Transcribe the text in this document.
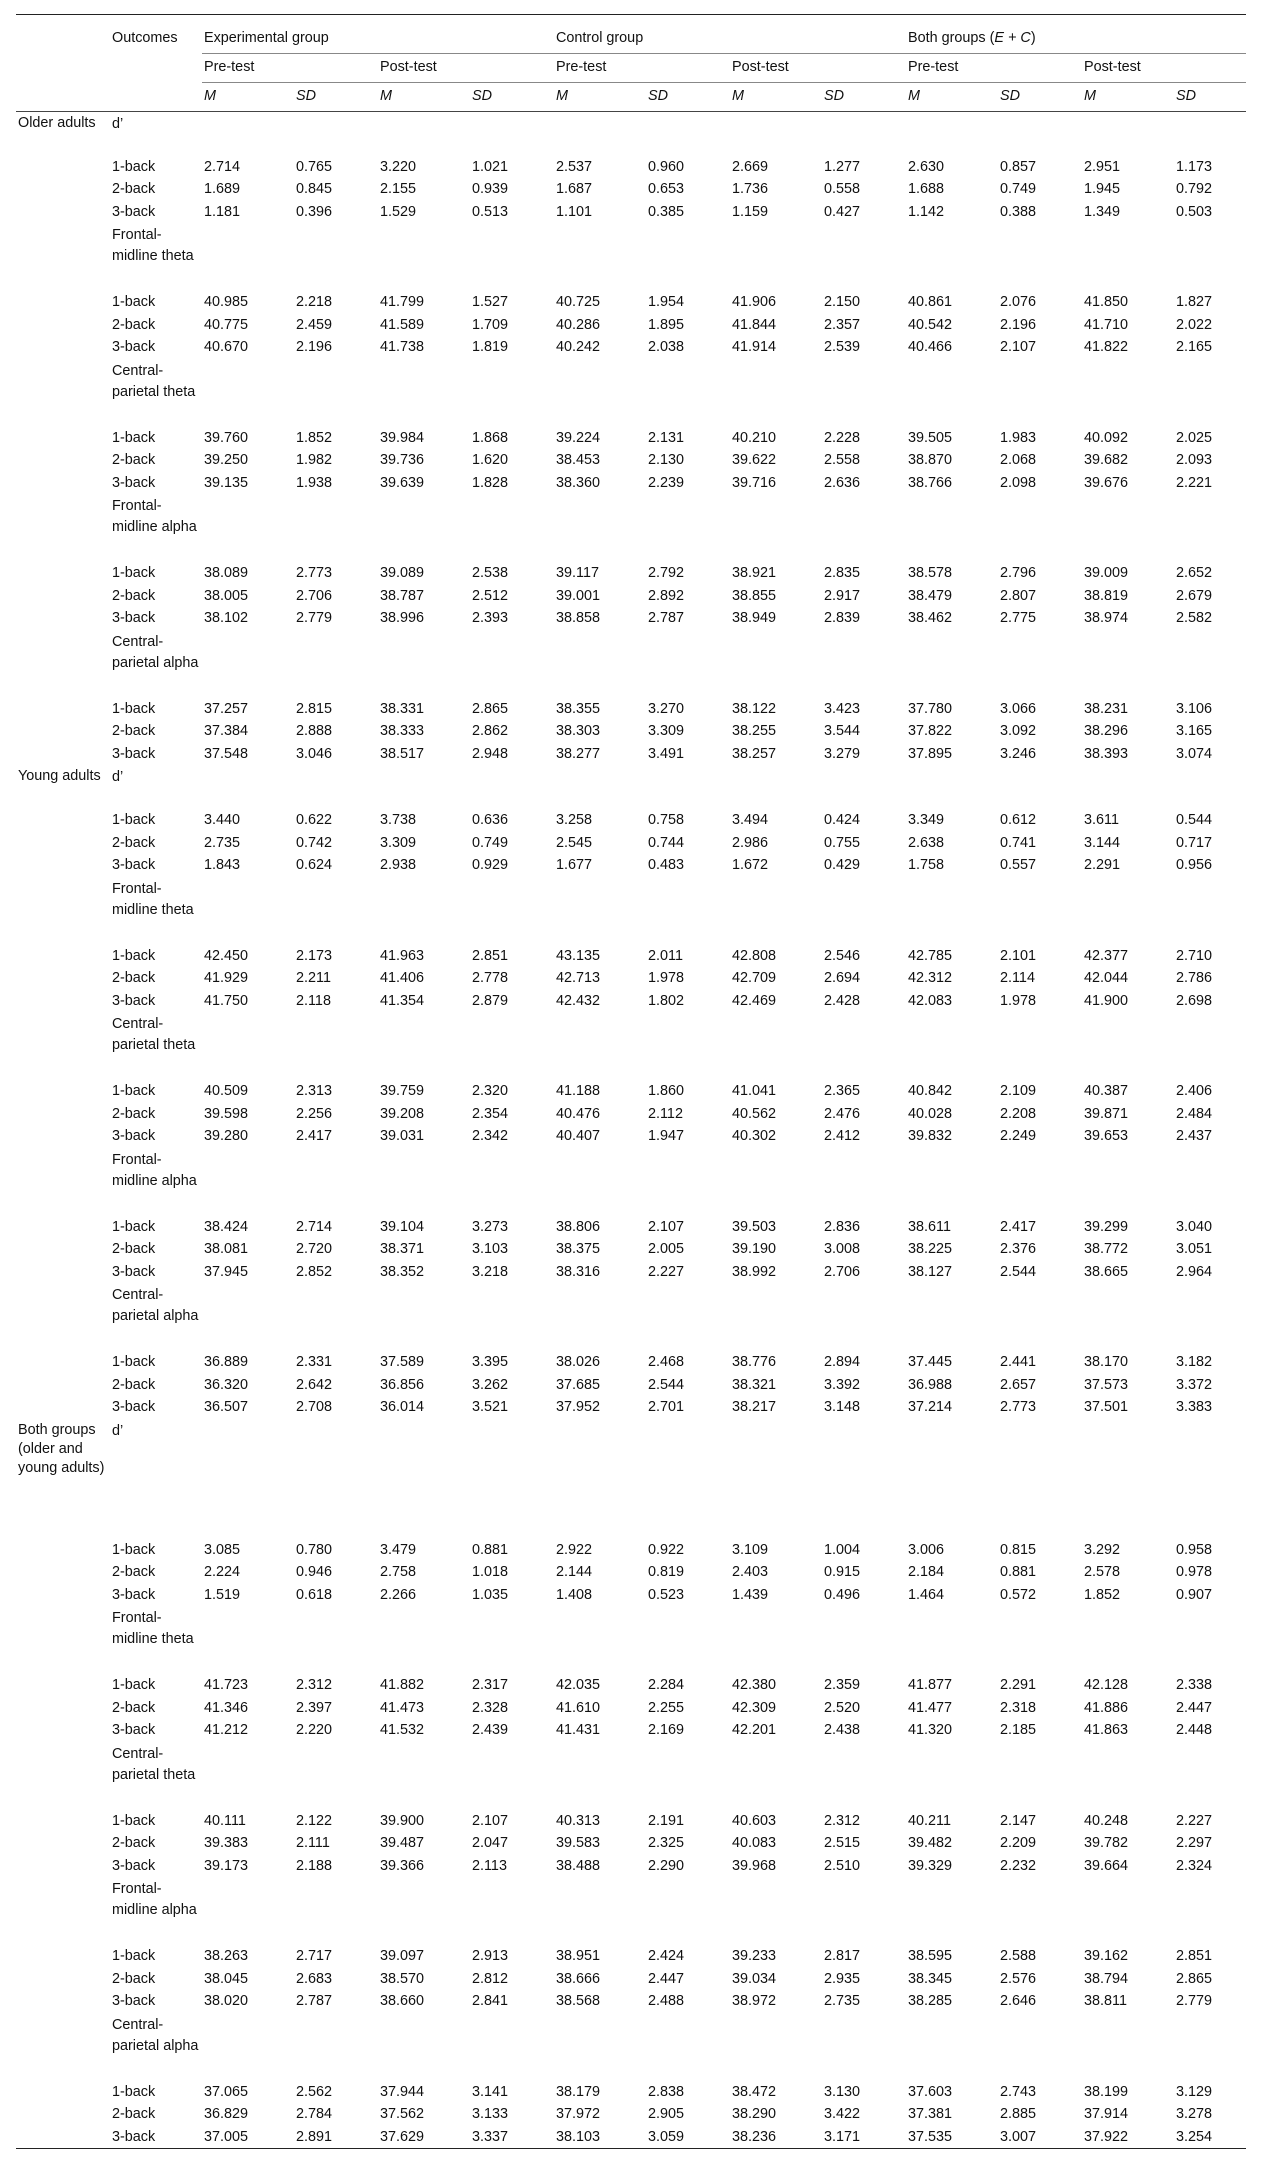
	Outcomes	Experimental group				Control group				Both groups (E + C)			
		Pre-test		Post-test		Pre-test		Post-test		Pre-test		Post-test	
		M	SD	M	SD	M	SD	M	SD	M	SD	M	SD
Older adults	d’												
	1-back	2.714	0.765	3.220	1.021	2.537	0.960	2.669	1.277	2.630	0.857	2.951	1.173
	2-back	1.689	0.845	2.155	0.939	1.687	0.653	1.736	0.558	1.688	0.749	1.945	0.792
	3-back	1.181	0.396	1.529	0.513	1.101	0.385	1.159	0.427	1.142	0.388	1.349	0.503
	Frontal-midline theta												
	1-back	40.985	2.218	41.799	1.527	40.725	1.954	41.906	2.150	40.861	2.076	41.850	1.827
	2-back	40.775	2.459	41.589	1.709	40.286	1.895	41.844	2.357	40.542	2.196	41.710	2.022
	3-back	40.670	2.196	41.738	1.819	40.242	2.038	41.914	2.539	40.466	2.107	41.822	2.165
	Central-parietal theta												
	1-back	39.760	1.852	39.984	1.868	39.224	2.131	40.210	2.228	39.505	1.983	40.092	2.025
	2-back	39.250	1.982	39.736	1.620	38.453	2.130	39.622	2.558	38.870	2.068	39.682	2.093
	3-back	39.135	1.938	39.639	1.828	38.360	2.239	39.716	2.636	38.766	2.098	39.676	2.221
	Frontal-midline alpha												
	1-back	38.089	2.773	39.089	2.538	39.117	2.792	38.921	2.835	38.578	2.796	39.009	2.652
	2-back	38.005	2.706	38.787	2.512	39.001	2.892	38.855	2.917	38.479	2.807	38.819	2.679
	3-back	38.102	2.779	38.996	2.393	38.858	2.787	38.949	2.839	38.462	2.775	38.974	2.582
	Central-parietal alpha												
	1-back	37.257	2.815	38.331	2.865	38.355	3.270	38.122	3.423	37.780	3.066	38.231	3.106
	2-back	37.384	2.888	38.333	2.862	38.303	3.309	38.255	3.544	37.822	3.092	38.296	3.165
	3-back	37.548	3.046	38.517	2.948	38.277	3.491	38.257	3.279	37.895	3.246	38.393	3.074
Young adults	d’												
	1-back	3.440	0.622	3.738	0.636	3.258	0.758	3.494	0.424	3.349	0.612	3.611	0.544
	2-back	2.735	0.742	3.309	0.749	2.545	0.744	2.986	0.755	2.638	0.741	3.144	0.717
	3-back	1.843	0.624	2.938	0.929	1.677	0.483	1.672	0.429	1.758	0.557	2.291	0.956
	Frontal-midline theta												
	1-back	42.450	2.173	41.963	2.851	43.135	2.011	42.808	2.546	42.785	2.101	42.377	2.710
	2-back	41.929	2.211	41.406	2.778	42.713	1.978	42.709	2.694	42.312	2.114	42.044	2.786
	3-back	41.750	2.118	41.354	2.879	42.432	1.802	42.469	2.428	42.083	1.978	41.900	2.698
	Central-parietal theta												
	1-back	40.509	2.313	39.759	2.320	41.188	1.860	41.041	2.365	40.842	2.109	40.387	2.406
	2-back	39.598	2.256	39.208	2.354	40.476	2.112	40.562	2.476	40.028	2.208	39.871	2.484
	3-back	39.280	2.417	39.031	2.342	40.407	1.947	40.302	2.412	39.832	2.249	39.653	2.437
	Frontal-midline alpha												
	1-back	38.424	2.714	39.104	3.273	38.806	2.107	39.503	2.836	38.611	2.417	39.299	3.040
	2-back	38.081	2.720	38.371	3.103	38.375	2.005	39.190	3.008	38.225	2.376	38.772	3.051
	3-back	37.945	2.852	38.352	3.218	38.316	2.227	38.992	2.706	38.127	2.544	38.665	2.964
	Central-parietal alpha												
	1-back	36.889	2.331	37.589	3.395	38.026	2.468	38.776	2.894	37.445	2.441	38.170	3.182
	2-back	36.320	2.642	36.856	3.262	37.685	2.544	38.321	3.392	36.988	2.657	37.573	3.372
	3-back	36.507	2.708	36.014	3.521	37.952	2.701	38.217	3.148	37.214	2.773	37.501	3.383
Both groups (older and young adults)	d’												
	1-back	3.085	0.780	3.479	0.881	2.922	0.922	3.109	1.004	3.006	0.815	3.292	0.958
	2-back	2.224	0.946	2.758	1.018	2.144	0.819	2.403	0.915	2.184	0.881	2.578	0.978
	3-back	1.519	0.618	2.266	1.035	1.408	0.523	1.439	0.496	1.464	0.572	1.852	0.907
	Frontal-midline theta												
	1-back	41.723	2.312	41.882	2.317	42.035	2.284	42.380	2.359	41.877	2.291	42.128	2.338
	2-back	41.346	2.397	41.473	2.328	41.610	2.255	42.309	2.520	41.477	2.318	41.886	2.447
	3-back	41.212	2.220	41.532	2.439	41.431	2.169	42.201	2.438	41.320	2.185	41.863	2.448
	Central-parietal theta												
	1-back	40.111	2.122	39.900	2.107	40.313	2.191	40.603	2.312	40.211	2.147	40.248	2.227
	2-back	39.383	2.111	39.487	2.047	39.583	2.325	40.083	2.515	39.482	2.209	39.782	2.297
	3-back	39.173	2.188	39.366	2.113	38.488	2.290	39.968	2.510	39.329	2.232	39.664	2.324
	Frontal-midline alpha												
	1-back	38.263	2.717	39.097	2.913	38.951	2.424	39.233	2.817	38.595	2.588	39.162	2.851
	2-back	38.045	2.683	38.570	2.812	38.666	2.447	39.034	2.935	38.345	2.576	38.794	2.865
	3-back	38.020	2.787	38.660	2.841	38.568	2.488	38.972	2.735	38.285	2.646	38.811	2.779
	Central-parietal alpha												
	1-back	37.065	2.562	37.944	3.141	38.179	2.838	38.472	3.130	37.603	2.743	38.199	3.129
	2-back	36.829	2.784	37.562	3.133	37.972	2.905	38.290	3.422	37.381	2.885	37.914	3.278
	3-back	37.005	2.891	37.629	3.337	38.103	3.059	38.236	3.171	37.535	3.007	37.922	3.254
